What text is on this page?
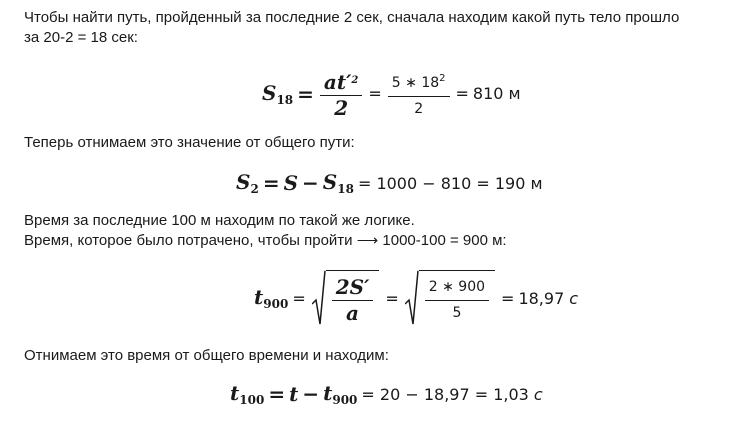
Чтобы найти путь, пройденный за последние 2 сек, сначала находим какой путь тело прошло
за 20-2 = 18 сек:
$S_{18} = \frac{at'^2}{2} = \frac{5 ∗ 18^2}{2} = 810$ м
Теперь отнимаем это значение от общего пути:
$S_2 = S - S_{18} = 1000 - 810 = 190$ м
Время за последние 100 м находим по такой же логике.
Время, которое было потрачено, чтобы пройти ⟶ 1000-100 = 900 м:
$t_{900} = \frac{2S'}{a} = \frac{2 ∗ 900}{5} = 18,97$ с
Отнимаем это время от общего времени и находим:
$t_{100} = t - t_{900} = 20 - 18,97 = 1,03$ с
